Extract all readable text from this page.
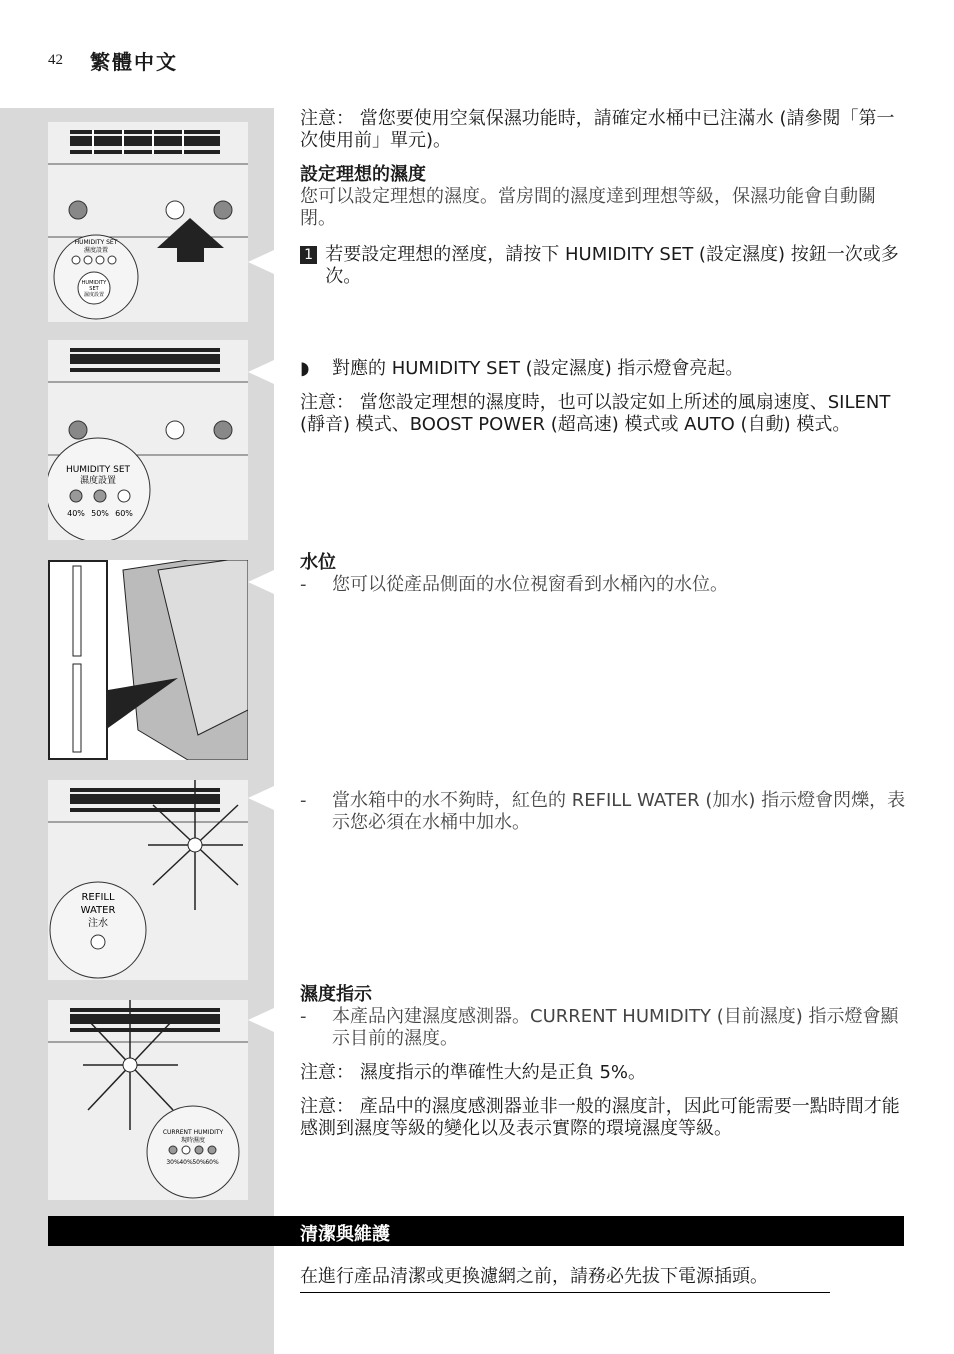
42 繁體中文
HUMIDITY SET
濕度設置
HUMIDITY
SET
濕度設置
HUMIDITY SET
濕度設置
40% 50% 60%
REFILL
WATER
注水
CURRENT HUMIDITY
現時濕度
30% 40% 50% 60%
注意： 當您要使用空氣保濕功能時，請確定水桶中已注滿水 (請參閱「第一次使用前」單元)。
設定理想的濕度
您可以設定理想的濕度。當房間的濕度達到理想等級，保濕功能會自動關閉。
1 若要設定理想的溼度，請按下 HUMIDITY SET (設定濕度) 按鈕一次或多次。
◗	對應的 HUMIDITY SET (設定濕度) 指示燈會亮起。
注意： 當您設定理想的濕度時，也可以設定如上所述的風扇速度、SILENT (靜音) 模式、BOOST POWER (超高速) 模式或 AUTO (自動) 模式。
水位
-	您可以從產品側面的水位視窗看到水桶內的水位。
-	當水箱中的水不夠時，紅色的 REFILL WATER (加水) 指示燈會閃爍，表示您必須在水桶中加水。
濕度指示
-	本產品內建濕度感測器。CURRENT HUMIDITY (目前濕度) 指示燈會顯示目前的濕度。
注意： 濕度指示的準確性大約是正負 5%。
注意： 產品中的濕度感測器並非一般的濕度計，因此可能需要一點時間才能感測到濕度等級的變化以及表示實際的環境濕度等級。
清潔與維護
在進行產品清潔或更換濾網之前，請務必先拔下電源插頭。
